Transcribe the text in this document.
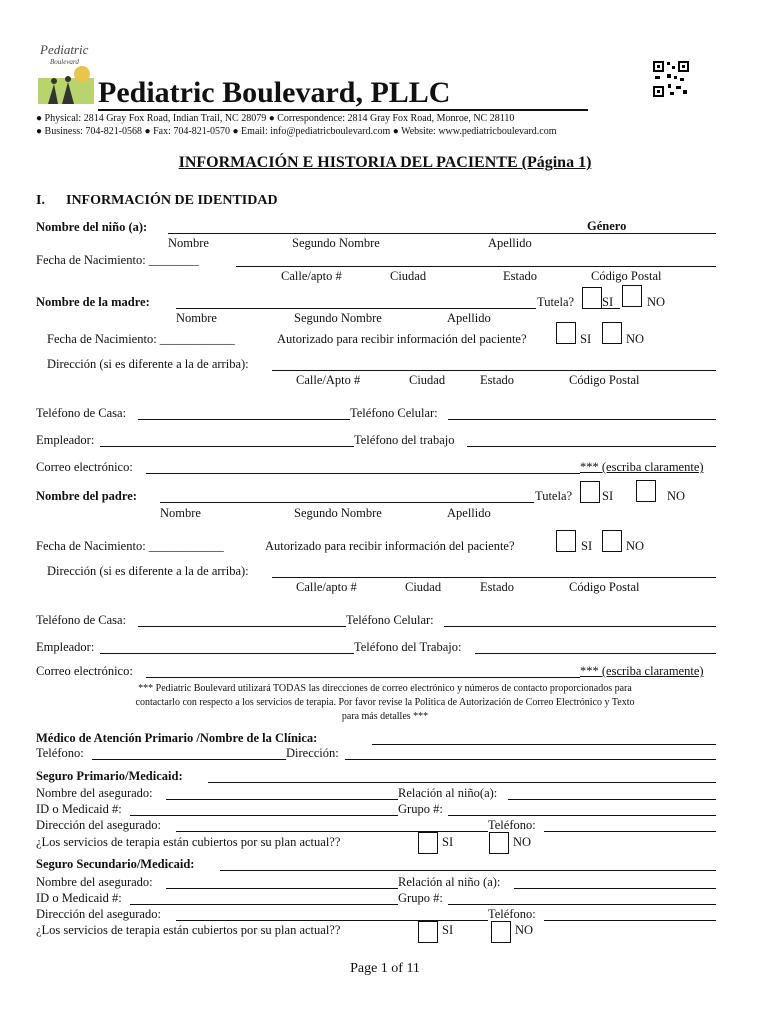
Pediatric
Boulevard
Pediatric Boulevard, PLLC
● Physical: 2814 Gray Fox Road, Indian Trail, NC 28079 ● Correspondence: 2814 Gray Fox Road, Monroe, NC 28110
● Business: 704-821-0568 ● Fax: 704-821-0570 ● Email: info@pediatricboulevard.com ● Website: www.pediatricboulevard.com
INFORMACIÓN E HISTORIA DEL PACIENTE (Página 1)
I. INFORMACIÓN DE IDENTIDAD
Nombre del niño (a):	Género
Nombre	Segundo Nombre	Apellido
Fecha de Nacimiento: ________
Calle/apto #	Ciudad	Estado	Código Postal
Nombre de la madre:	Tutela? SI	NO
Nombre	Segundo Nombre	Apellido
Fecha de Nacimiento: ____________	Autorizado para recibir información del paciente?	SI	NO
Dirección (si es diferente a la de arriba):
Calle/Apto #	Ciudad	Estado	Código Postal
Teléfono de Casa:	Teléfono Celular:
Empleador:	Teléfono del trabajo
Correo electrónico:	*** (escriba claramente)
Nombre del padre:	Tutela? SI	NO
Nombre	Segundo Nombre	Apellido
Fecha de Nacimiento: ____________	Autorizado para recibir información del paciente?	SI	NO
Dirección (si es diferente a la de arriba):
Calle/apto #	Ciudad	Estado	Código Postal
Teléfono de Casa:	Teléfono Celular:
Empleador:	Teléfono del Trabajo:
Correo electrónico:	*** (escriba claramente)
*** Pediatric Boulevard utilizará TODAS las direcciones de correo electrónico y números de contacto proporcionados para
contactarlo con respecto a los servicios de terapia. Por favor revise la Política de Autorización de Correo Electrónico y Texto
para más detalles ***
Médico de Atención Primario /Nombre de la Clínica:
Teléfono:	Dirección:
Seguro Primario/Medicaid:
Nombre del asegurado:	Relación al niño(a):
ID o Medicaid #:	Grupo #:
Dirección del asegurado:	Teléfono:
¿Los servicios de terapia están cubiertos por su plan actual??	SI	NO
Seguro Secundario/Medicaid:
Nombre del asegurado:	Relación al niño (a):
ID o Medicaid #:	Grupo #:
Dirección del asegurado:	Teléfono:
¿Los servicios de terapia están cubiertos por su plan actual??	SI	NO
Page 1 of 11
